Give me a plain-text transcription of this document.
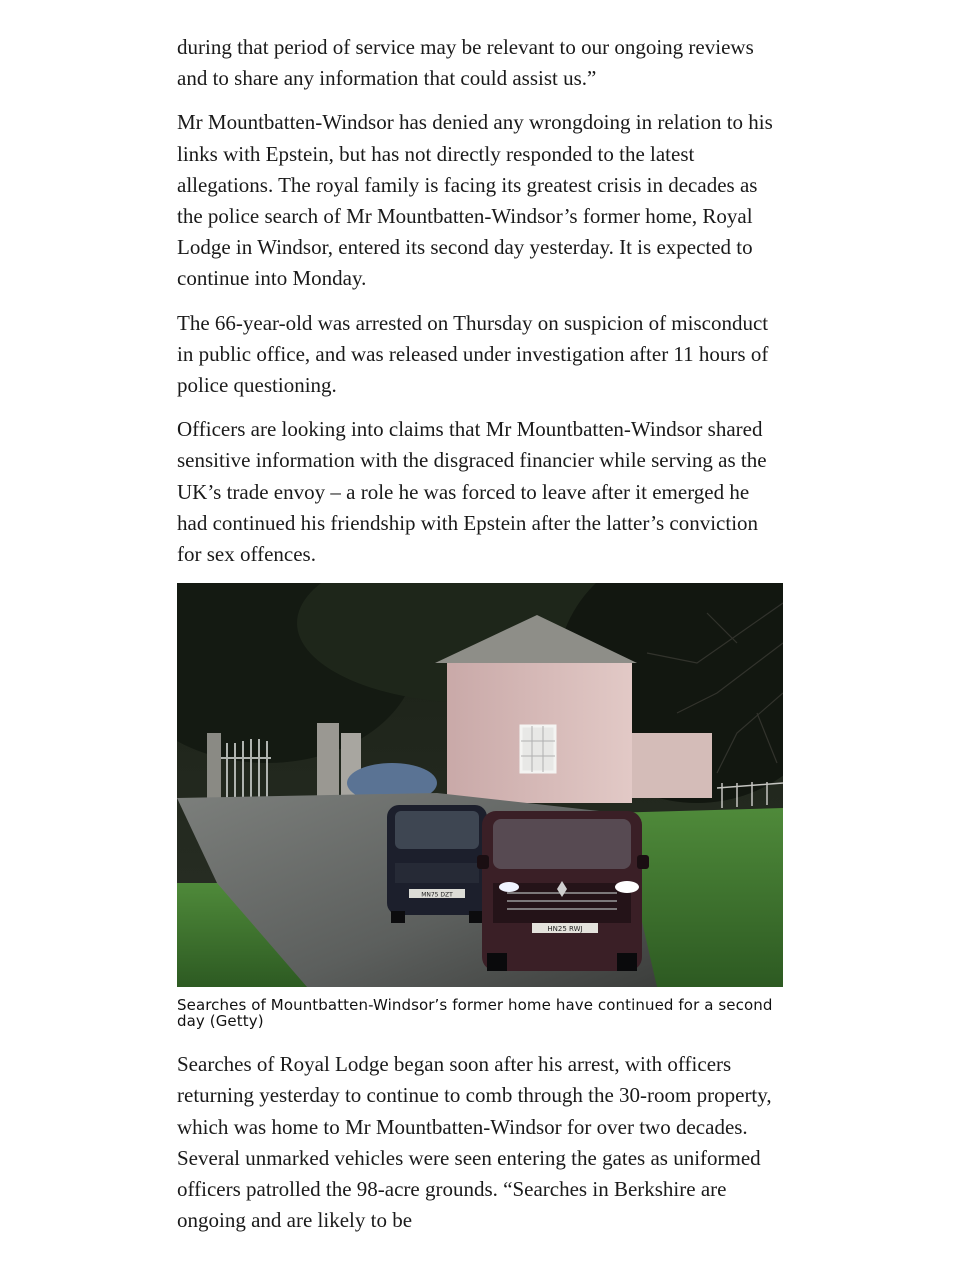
during that period of service may be relevant to our ongoing reviews and to share any information that could assist us.”

Mr Mountbatten-Windsor has denied any wrongdoing in relation to his links with Epstein, but has not directly responded to the latest allegations. The royal family is facing its greatest crisis in decades as the police search of Mr Mountbatten-Windsor’s former home, Royal Lodge in Windsor, entered its second day yesterday. It is expected to continue into Monday.

The 66-year-old was arrested on Thursday on suspicion of misconduct in public office, and was released under investigation after 11 hours of police questioning.

Officers are looking into claims that Mr Mountbatten-Windsor shared sensitive information with the disgraced financier while serving as the UK’s trade envoy – a role he was forced to leave after it emerged he had continued his friendship with Epstein after the latter’s conviction for sex offences.

MN75 DZT
HN25 RWJ
Searches of Mountbatten-Windsor’s former home have continued for a second day (Getty)

Searches of Royal Lodge began soon after his arrest, with officers returning yesterday to continue to comb through the 30-room property, which was home to Mr Mountbatten-Windsor for over two decades. Several unmarked vehicles were seen entering the gates as uniformed officers patrolled the 98-acre grounds. “Searches in Berkshire are ongoing and are likely to be
